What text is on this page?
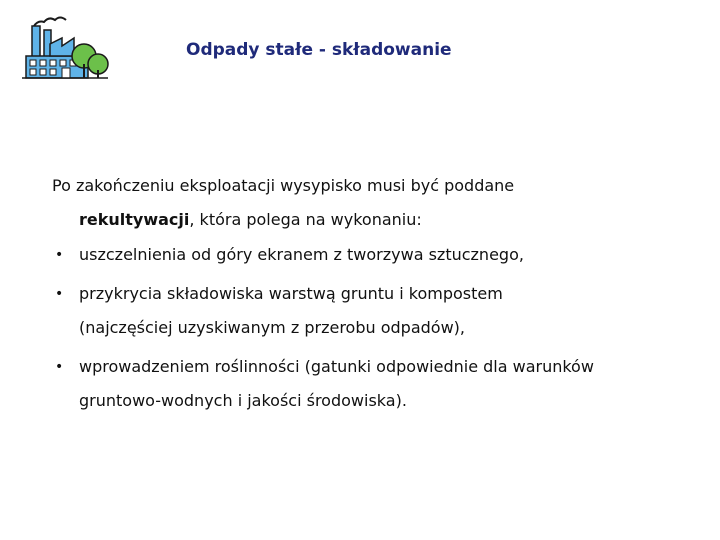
Odpady stałe - składowanie

Po zakończeniu eksploatacji wysypisko musi być poddane
rekultywacji, która polega na wykonaniu:

• uszczelnienia od góry ekranem z tworzywa sztucznego,
• przykrycia składowiska warstwą gruntu i kompostem
(najczęściej uzyskiwanym z przerobu odpadów),
• wprowadzeniem roślinności (gatunki odpowiednie dla warunków
gruntowo-wodnych i jakości środowiska).
